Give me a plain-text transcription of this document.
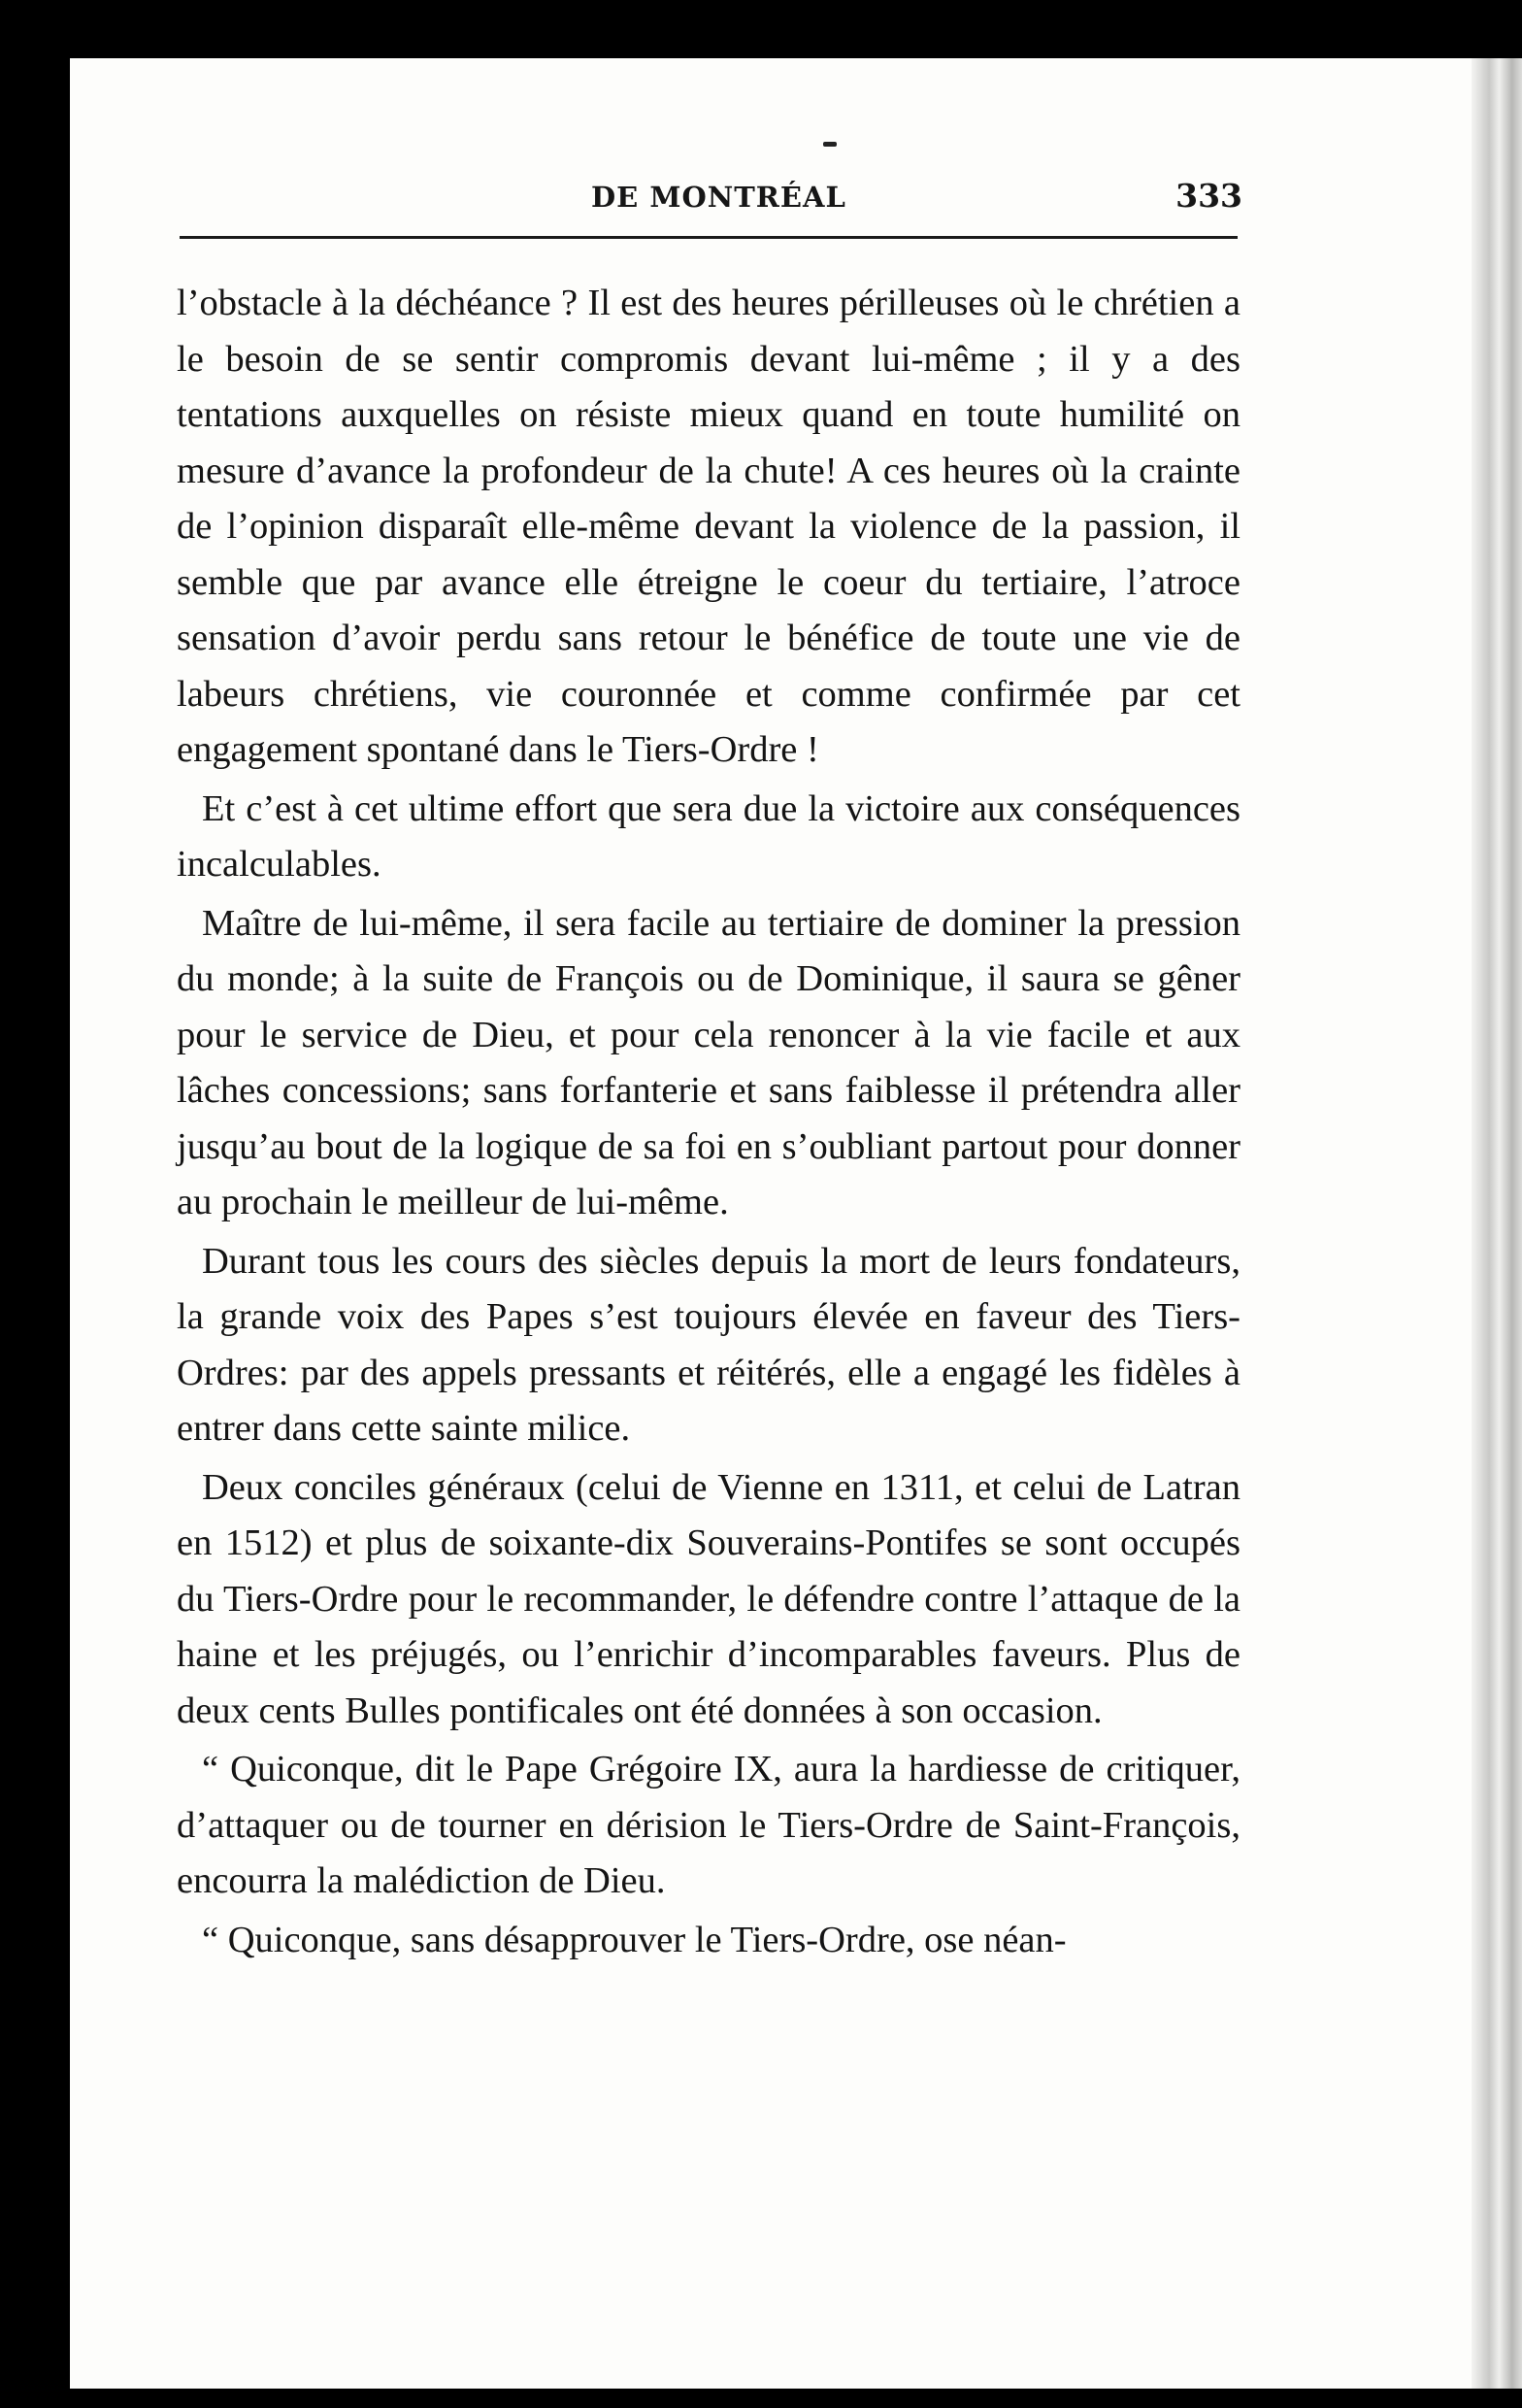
DE MONTRÉAL	333

l’obstacle à la déchéance ? Il est des heures périlleuses où le chrétien a le besoin de se sentir compromis devant lui-même ; il y a des tentations auxquelles on résiste mieux quand en toute humilité on mesure d’avance la profondeur de la chute! A ces heures où la crainte de l’opinion disparaît elle-même devant la violence de la passion, il semble que par avance elle étreigne le coeur du tertiaire, l’atroce sensation d’avoir perdu sans retour le bénéfice de toute une vie de labeurs chrétiens, vie couronnée et comme confirmée par cet engagement spontané dans le Tiers-Ordre !

Et c’est à cet ultime effort que sera due la victoire aux conséquences incalculables.

Maître de lui-même, il sera facile au tertiaire de dominer la pression du monde; à la suite de François ou de Dominique, il saura se gêner pour le service de Dieu, et pour cela renoncer à la vie facile et aux lâches concessions; sans forfanterie et sans faiblesse il prétendra aller jusqu’au bout de la logique de sa foi en s’oubliant partout pour donner au prochain le meilleur de lui-même.

Durant tous les cours des siècles depuis la mort de leurs fondateurs, la grande voix des Papes s’est toujours élevée en faveur des Tiers-Ordres: par des appels pressants et réitérés, elle a engagé les fidèles à entrer dans cette sainte milice.

Deux conciles généraux (celui de Vienne en 1311, et celui de Latran en 1512) et plus de soixante-dix Souverains-Pontifes se sont occupés du Tiers-Ordre pour le recommander, le défendre contre l’attaque de la haine et les préjugés, ou l’enrichir d’incomparables faveurs. Plus de deux cents Bulles pontificales ont été données à son occasion.

“ Quiconque, dit le Pape Grégoire IX, aura la hardiesse de critiquer, d’attaquer ou de tourner en dérision le Tiers-Ordre de Saint-François, encourra la malédiction de Dieu.

“ Quiconque, sans désapprouver le Tiers-Ordre, ose néan-
